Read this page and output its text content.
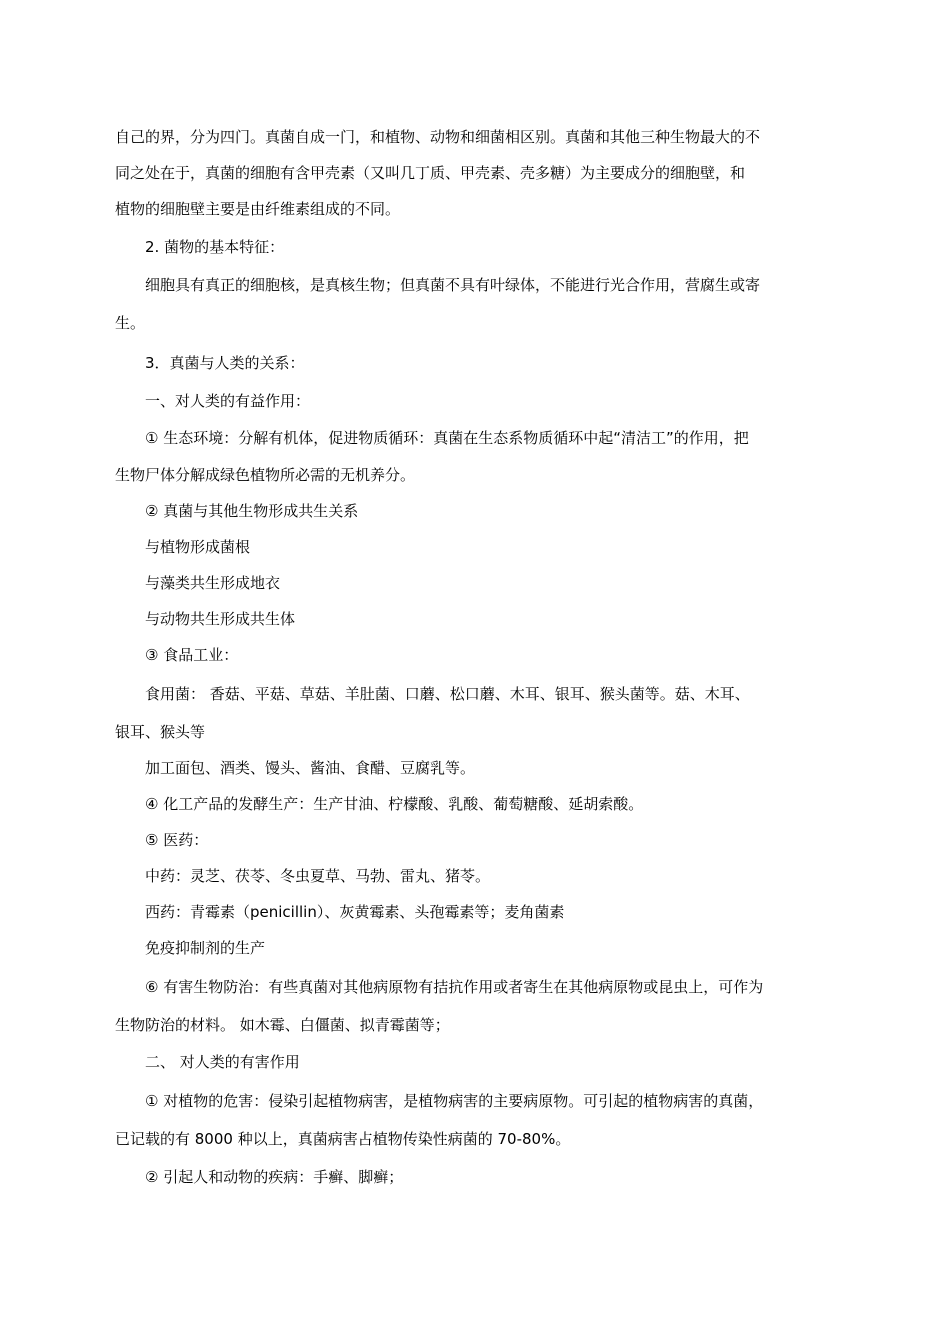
自己的界，分为四门。真菌自成一门，和植物、动物和细菌相区别。真菌和其他三种生物最大的不
同之处在于，真菌的细胞有含甲壳素（又叫几丁质、甲壳素、壳多糖）为主要成分的细胞壁，和
植物的细胞壁主要是由纤维素组成的不同。
2. 菌物的基本特征：
细胞具有真正的细胞核，是真核生物；但真菌不具有叶绿体，不能进行光合作用，营腐生或寄
生。
3．真菌与人类的关系：
一、对人类的有益作用：
① 生态环境：分解有机体，促进物质循环：真菌在生态系物质循环中起“清洁工”的作用，把
生物尸体分解成绿色植物所必需的无机养分。
② 真菌与其他生物形成共生关系
与植物形成菌根
与藻类共生形成地衣
与动物共生形成共生体
③ 食品工业：
食用菌： 香菇、平菇、草菇、羊肚菌、口蘑、松口蘑、木耳、银耳、猴头菌等。菇、木耳、
银耳、猴头等
加工面包、酒类、馒头、酱油、食醋、豆腐乳等。
④ 化工产品的发酵生产：生产甘油、柠檬酸、乳酸、葡萄糖酸、延胡索酸。
⑤ 医药：
中药：灵芝、茯苓、冬虫夏草、马勃、雷丸、猪苓。
西药：青霉素（penicillin）、灰黄霉素、头孢霉素等；麦角菌素
免疫抑制剂的生产
⑥ 有害生物防治：有些真菌对其他病原物有拮抗作用或者寄生在其他病原物或昆虫上，可作为
生物防治的材料。 如木霉、白僵菌、拟青霉菌等；
二、 对人类的有害作用
① 对植物的危害：侵染引起植物病害，是植物病害的主要病原物。可引起的植物病害的真菌，
已记载的有 8000 种以上，真菌病害占植物传染性病菌的 70-80%。
② 引起人和动物的疾病：手癣、脚癣；
